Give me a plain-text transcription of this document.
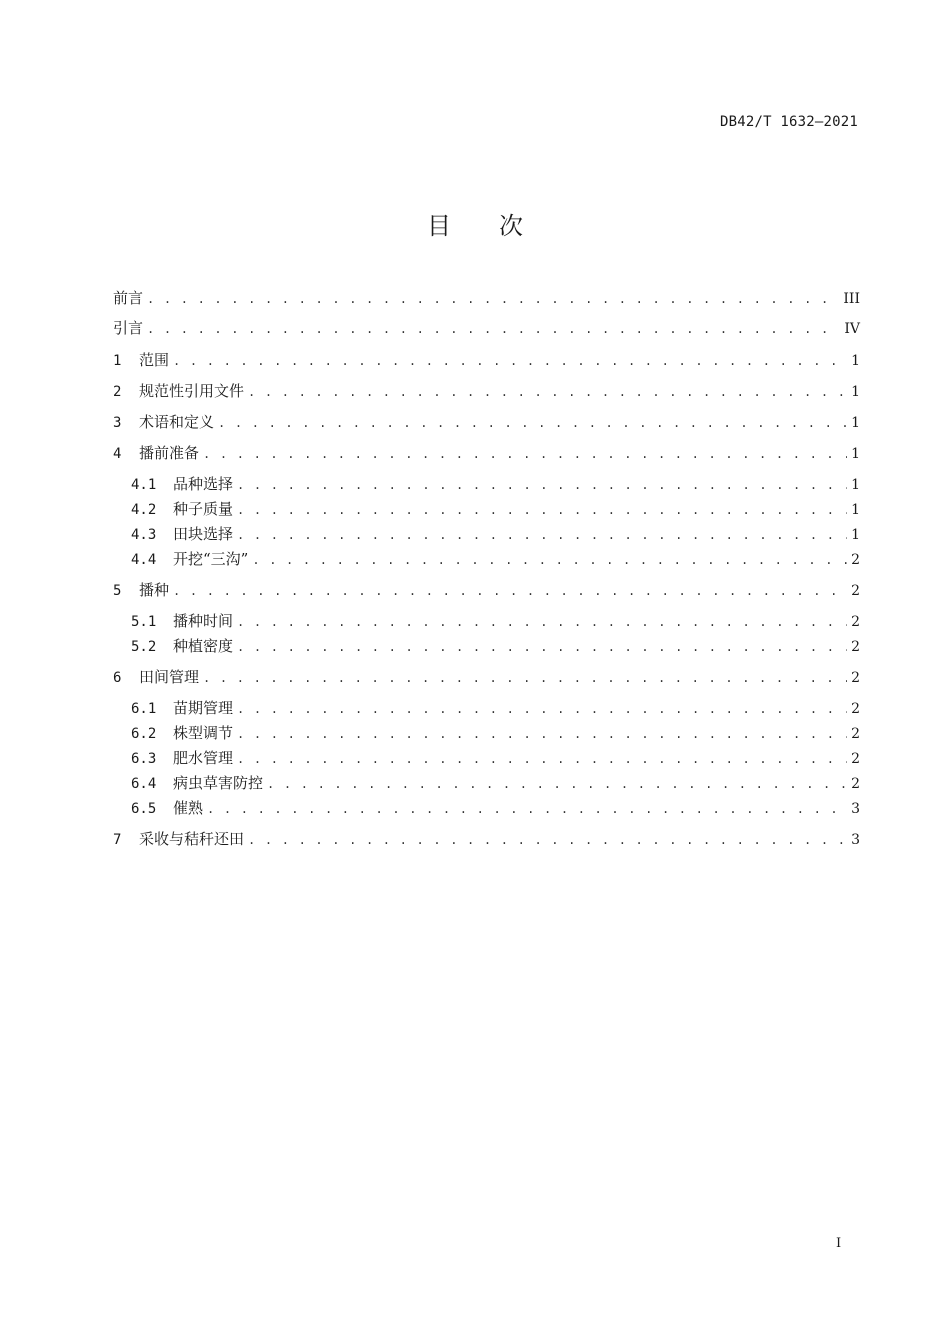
DB42/T 1632—2021
目 次
前言 . . .	III
引言 . . .	IV
1	范围 . . .	1
2	规范性引用文件 . . .	1
3	术语和定义 . . .	1
4	播前准备 . . .	1
4.1	品种选择 . . .	1
4.2	种子质量 . . .	1
4.3	田块选择 . . .	1
4.4	开挖“三沟” . . .	2
5	播种 . . .	2
5.1	播种时间 . . .	2
5.2	种植密度 . . .	2
6	田间管理 . . .	2
6.1	苗期管理 . . .	2
6.2	株型调节 . . .	2
6.3	肥水管理 . . .	2
6.4	病虫草害防控 . . .	2
6.5	催熟 . . .	3
7	采收与秸秆还田 . . .	3
I
